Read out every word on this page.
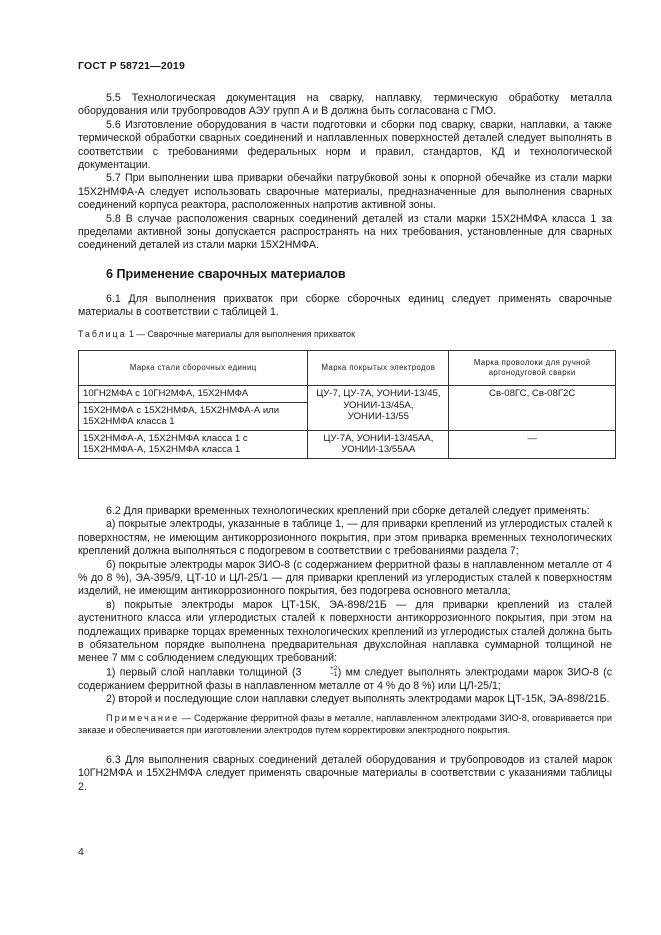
ГОСТ Р 58721—2019

5.5 Технологическая документация на сварку, наплавку, термическую обработку металла оборудования или трубопроводов АЭУ групп А и В должна быть согласована с ГМО.

5.6 Изготовление оборудования в части подготовки и сборки под сварку, сварки, наплавки, а также термической обработки сварных соединений и наплавленных поверхностей деталей следует выполнять в соответствии с требованиями федеральных норм и правил, стандартов, КД и технологической документации.

5.7 При выполнении шва приварки обечайки патрубковой зоны к опорной обечайке из стали марки 15Х2НМФА-А следует использовать сварочные материалы, предназначенные для выполнения сварных соединений корпуса реактора, расположенных напротив активной зоны.

5.8 В случае расположения сварных соединений деталей из стали марки 15Х2НМФА класса 1 за пределами активной зоны допускается распространять на них требования, установленные для сварных соединений деталей из стали марки 15Х2НМФА.

6 Применение сварочных материалов

6.1 Для выполнения прихваток при сборке сборочных единиц следует применять сварочные материалы в соответствии с таблицей 1.

Таблица 1 — Сварочные материалы для выполнения прихваток
Марка стали сборочных единиц	Марка покрытых электродов	Марка проволоки для ручной аргонодуговой сварки
10ГН2МФА с 10ГН2МФА, 15Х2НМФА	ЦУ-7, ЦУ-7А, УОНИИ-13/45, УОНИИ-13/45А, УОНИИ-13/55	Св-08ГС, Св-08Г2С
15Х2НМФА с 15Х2НМФА, 15Х2НМФА-А или 15Х2НМФА класса 1		
15Х2НМФА-А, 15Х2НМФА класса 1 с 15Х2НМФА-А, 15Х2НМФА класса 1	ЦУ-7А, УОНИИ-13/45АА, УОНИИ-13/55АА	—

6.2 Для приварки временных технологических креплений при сборке деталей следует применять:

а) покрытые электроды, указанные в таблице 1, — для приварки креплений из углеродистых сталей к поверхностям, не имеющим антикоррозионного покрытия, при этом приварка временных технологических креплений должна выполняться с подогревом в соответствии с требованиями раздела 7;

б) покрытые электроды марок ЗИО-8 (с содержанием ферритной фазы в наплавленном металле от 4 % до 8 %), ЭА-395/9, ЦТ-10 и ЦЛ-25/1 — для приварки креплений из углеродистых сталей к поверхностям изделий, не имеющим антикоррозионного покрытия, без подогрева основного металла;

в) покрытые электроды марок ЦТ-15К, ЭА-898/21Б — для приварки креплений из сталей аустенитного класса или углеродистых сталей к поверхности антикоррозионного покрытия, при этом на подлежащих приварке торцах временных технологических креплений из углеродистых сталей должна быть в обязательном порядке выполнена предварительная двухслойная наплавка суммарной толщиной не менее 7 мм с соблюдением следующих требований:

1) первый слой наплавки толщиной (3	+2
−1 ) мм следует выполнять электродами марок ЗИО-8 (с содержанием ферритной фазы в наплавленном металле от 4 % до 8 %) или ЦЛ-25/1;

2) второй и последующие слои наплавки следует выполнять электродами марок ЦТ-15К, ЭА-898/21Б.

Примечание — Содержание ферритной фазы в металле, наплавленном электродами ЗИО-8, оговаривается при заказе и обеспечивается при изготовлении электродов путем корректировки электродного покрытия.

6.3 Для выполнения сварных соединений деталей оборудования и трубопроводов из сталей марок 10ГН2МФА и 15Х2НМФА следует применять сварочные материалы в соответствии с указаниями таблицы 2.

4
